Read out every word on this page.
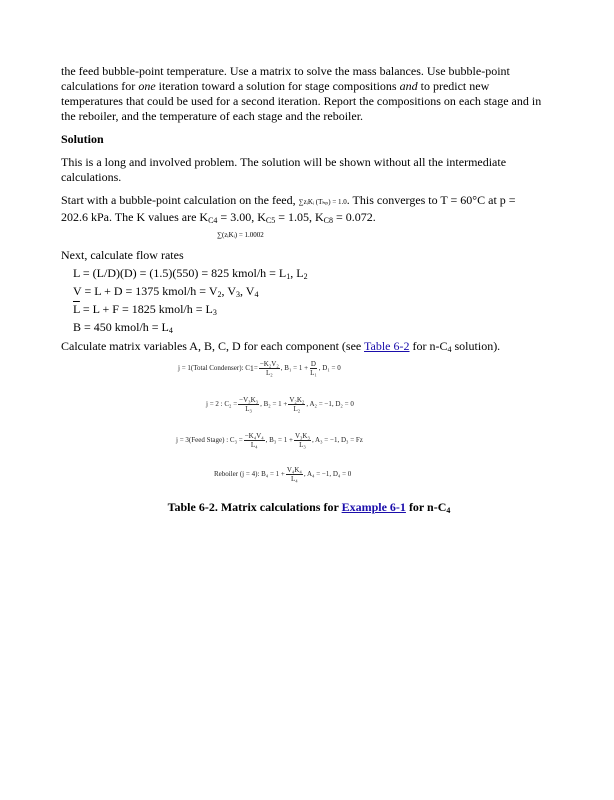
the feed bubble-point temperature. Use a matrix to solve the mass balances. Use bubble-point
calculations for one iteration toward a solution for stage compositions and to predict new
temperatures that could be used for a second iteration. Report the compositions on each stage and in
the reboiler, and the temperature of each stage and the reboiler.

Solution

This is a long and involved problem. The solution will be shown without all the intermediate calculations.

Start with a bubble-point calculation on the feed, ∑zᵢKᵢ (Tₕₚ) = 1.0. This converges to T = 60°C at p =
202.6 kPa. The K values are $K_{C4} = 3.00$, $K_{C5} = 1.05$, $K_{C8} = 0.072$.

∑(zᵢKᵢ) = 1.0002

Next, calculate flow rates

L = (L/D)(D) = (1.5)(550) = 825 kmol/h = $L_1$, $L_2$

V = L + D = 1375 kmol/h = $V_2$, $V_3$, $V_4$

$\overline{L} = L + F = 1825$ kmol/h = $L_3$

B = 450 kmol/h = $L_4$

Calculate matrix variables A, B, C, D for each component (see Table 6-2 for $n-C_4$ solution).

j = 1(Total Condenser): C $1 = \frac{\text{−K₂V₂}}{\text{L₂}}$ , $B_1 = 1 + \frac{D}{\text{L₁}}$ , D₁ = 0
j = 2 : $C_2 = \frac{\text{−V₃K₃}}{\text{L₃}}$ , $B_2 = 1 + \frac{\text{V₂K₂}}{\text{L₂}}$ , A₂ = −1, D₂ = 0
j = 3(Feed Stage) : $C_3 = \frac{\text{−K₄V₄}}{\text{L₄}}$ , $B_3 = 1 + \frac{\text{V₃K₃}}{\text{L₃}}$ , A₃ = −1, D₃ = Fz
Reboiler (j = 4): $B_4 = 1 + \frac{\text{V₄K₄}}{\text{L₄}}$ , A₄ = −1, D₄ = 0

Table 6-2. Matrix calculations for Example 6-1 for $n-C_4$
